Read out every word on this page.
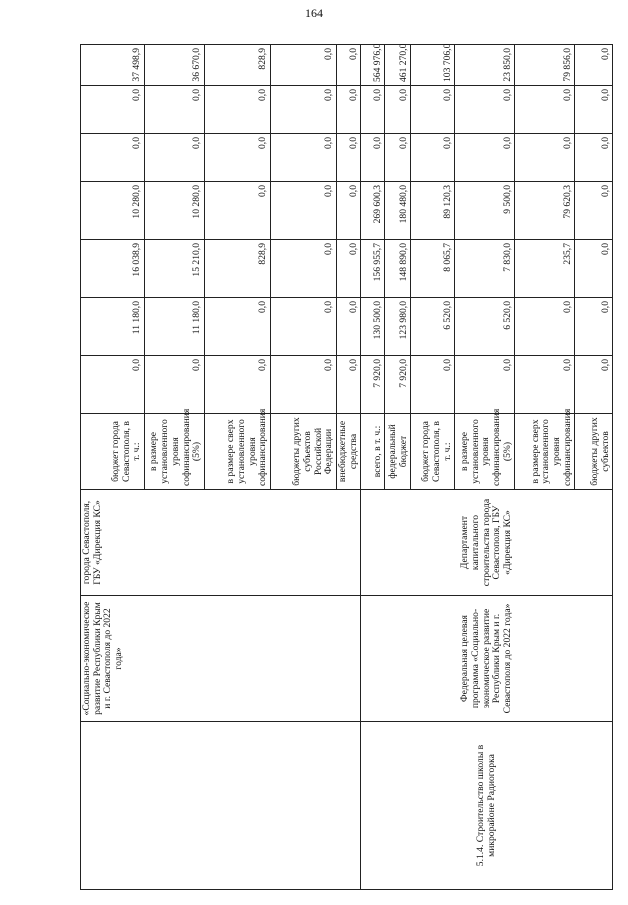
164
	«Социально-экономическое развитие Республики Крым и г. Севастополя до 2022 года»	города Севастополя, ГБУ «Дирекция КС»	бюджет города Севастополя, в т. ч.:	0,0	11 180,0	16 038,9	10 280,0	0,0	0,0	37 498,9
			в размере установленного уровня софинансирования (5%)	0,0	11 180,0	15 210,0	10 280,0	0,0	0,0	36 670,0
			в размере сверх установленного уровня софинансирования	0,0	0,0	828,9	0,0	0,0	0,0	828,9
			бюджеты других субъектов Российской Федерации	0,0	0,0	0,0	0,0	0,0	0,0	0,0
			внебюджетные средства	0,0	0,0	0,0	0,0	0,0	0,0	0,0
5.1.4. Строительство школы в микрорайоне Радиогорка	Федеральная целевая программа «Социально-экономическое развитие Республики Крым и г. Севастополя до 2022 года»	Департамент капитального строительства города Севастополя, ГБУ «Дирекция КС»	всего, в т. ч.:	7 920,0	130 500,0	156 955,7	269 600,3	0,0	0,0	564 976,0
			федеральный бюджет	7 920,0	123 980,0	148 890,0	180 480,0	0,0	0,0	461 270,0
			бюджет города Севастополя, в т. ч.:	0,0	6 520,0	8 065,7	89 120,3	0,0	0,0	103 706,0
			в размере установленного уровня софинансирования (5%)	0,0	6 520,0	7 830,0	9 500,0	0,0	0,0	23 850,0
			в размере сверх установленного уровня софинансирования	0,0	0,0	235,7	79 620,3	0,0	0,0	79 856,0
			бюджеты других субъектов	0,0	0,0	0,0	0,0	0,0	0,0	0,0
